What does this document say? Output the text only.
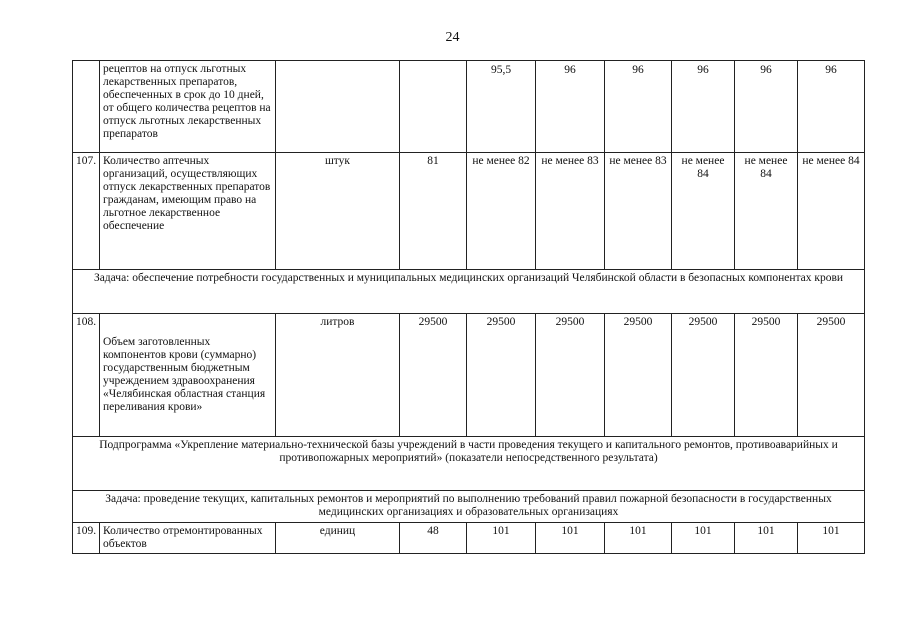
24
	рецептов на отпуск льготных лекарственных препаратов, обеспеченных в срок до 10 дней, от общего количества рецептов на отпуск льготных лекарственных препаратов			95,5	96	96	96	96	96
107.	Количество аптечных организаций, осуществляющих отпуск лекарственных препаратов гражданам, имеющим право на льготное лекарственное обеспечение	штук	81	не менее 82	не менее 83	не менее 83	не менее 84	не менее 84	не менее 84
Задача: обеспечение потребности государственных и муниципальных медицинских организаций Челябинской области в безопасных компонентах крови									
108.	Объем заготовленных компонентов крови (суммарно) государственным бюджетным учреждением здравоохранения «Челябинская областная станция переливания крови»	литров	29500	29500	29500	29500	29500	29500	29500
Подпрограмма «Укрепление материально-технической базы учреждений в части проведения текущего и капитального ремонтов, противоаварийных и противопожарных мероприятий» (показатели непосредственного результата)									
Задача: проведение текущих, капитальных ремонтов и мероприятий по выполнению требований правил пожарной безопасности в государственных медицинских организациях и образовательных организациях									
109.	Количество отремонтированных объектов	единиц	48	101	101	101	101	101	101
